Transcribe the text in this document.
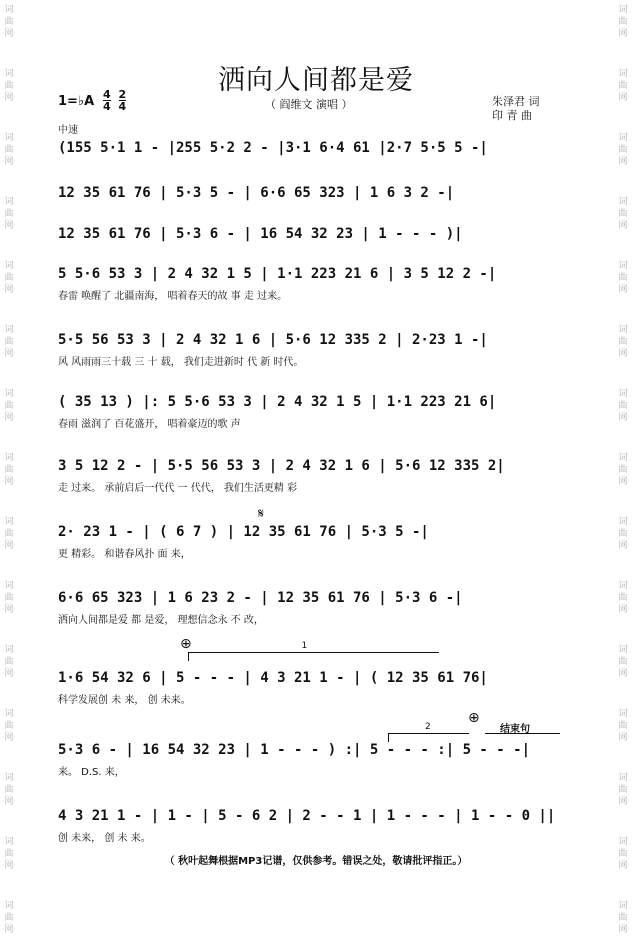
词
曲
网
词
曲
网
词
曲
网
词
曲
网
词
曲
网
词
曲
网
词
曲
网
词
曲
网
词
曲
网
词
曲
网
词
曲
网
词
曲
网
词
曲
网
词
曲
网
词
曲
网
词
曲
网
词
曲
网
词
曲
网
词
曲
网
词
曲
网
词
曲
网
词
曲
网
词
曲
网
词
曲
网
词
曲
网
词
曲
网
词
曲
网
词
曲
网
词
曲
网
词
曲
网
洒向人间都是爱
（ 阎维文 演唱 ）	朱泽君 词
印 青 曲
1=♭A $\frac{4}{4}$
$\frac{2}{4}$
中速
(155 5·1 1 - |255 5·2 2 - |3·1 6·4 61 |2·7 5·5 5 -|
12 35 61 76 | 5·3 5 - | 6·6 65 323 | 1 6 3 2 -|
12 35 61 76 | 5·3 6 - | 16 54 32 23 | 1 - - - )|
5 5·6 53 3 | 2 4 32 1 5 | 1·1 223 21 6 | 3 5 12 2 -|
春雷 唤醒了 北疆南海， 唱着春天的故 事 走 过来。
5·5 56 53 3 | 2 4 32 1 6 | 5·6 12 335 2 | 2·23 1 -|
风 风雨雨三十载 三 十 载， 我们走进新时 代 新 时代。
( 35 13 ) |: 5 5·6 53 3 | 2 4 32 1 5 | 1·1 223 21 6|
春雨 滋润了 百花盛开， 唱着豪迈的歌 声
3 5 12 2 - | 5·5 56 53 3 | 2 4 32 1 6 | 5·6 12 335 2|
走 过来。 承前启后一代代 一 代代， 我们生活更精 彩
2· 23 1 - | ( 6 7 ) | 12 35 61 76 | 5·3 5 -|
更 精彩。 和谐春风扑 面 来，
6·6 65 323 | 1 6 23 2 - | 12 35 61 76 | 5·3 6 -|
洒向人间都是爱 都 是爱， 理想信念永 不 改，
1·6 54 32 6 | 5 - - - | 4 3 21 1 - | ( 12 35 61 76|
科学发展创 未 来， 创 未来。
5·3 6 - | 16 54 32 23 | 1 - - - ) :| 5 - - - :| 5 - - -|
来。 D.S. 来，
4 3 21 1 - | 1 - | 5 - 6 2 | 2 - - 1 | 1 - - - | 1 - - 0 ||
创 未来， 创 未 来。
𝄋
⊕
⊕
1
2	结束句
（ 秋叶起舞根据MP3记谱，仅供参考。错误之处，敬请批评指正。）
